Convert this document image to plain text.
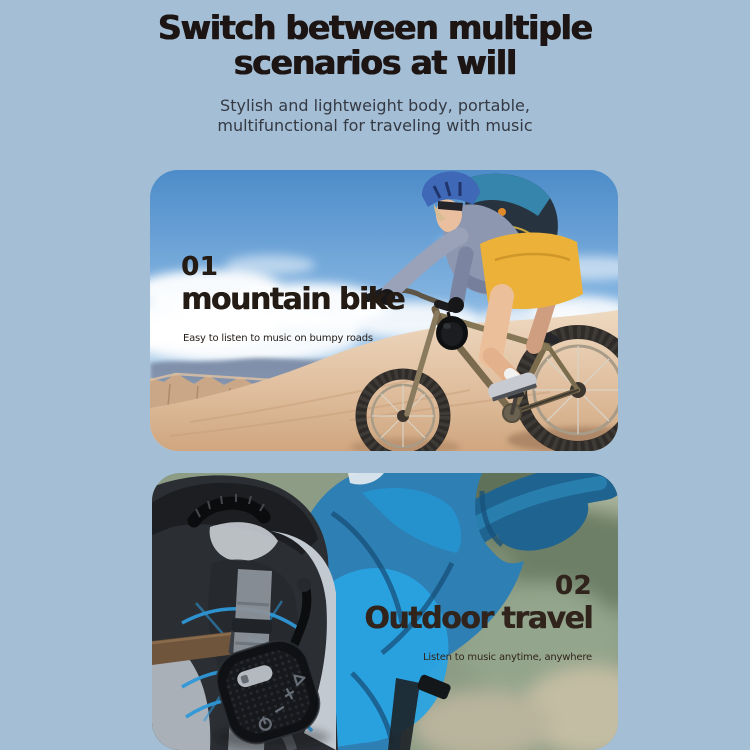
Switch between multiple
scenarios at will

Stylish and lightweight body, portable,
multifunctional for traveling with music

01
mountain bike
Easy to listen to music on bumpy roads
02
Outdoor travel
Listen to music anytime, anywhere
